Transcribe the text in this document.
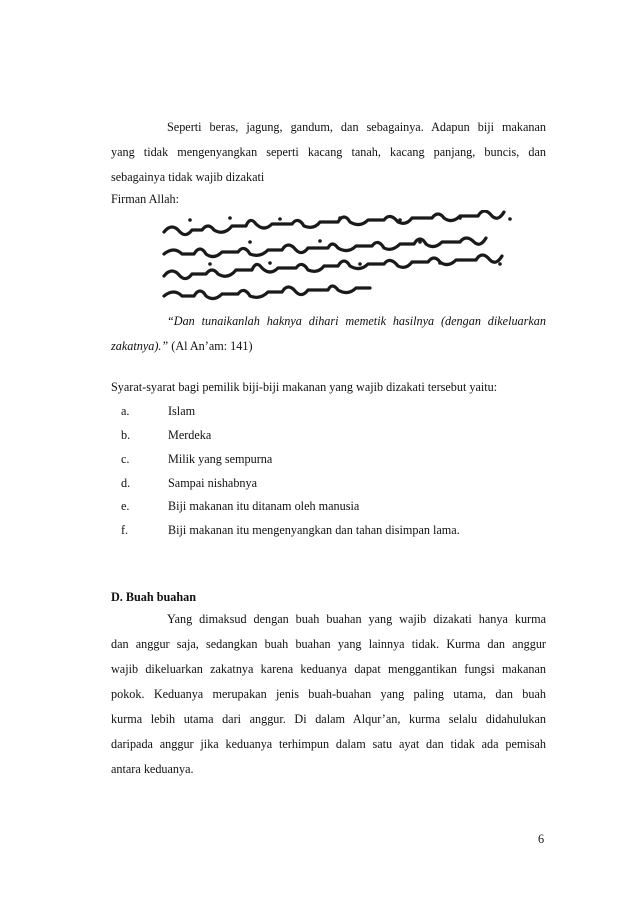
Seperti beras, jagung, gandum, dan sebagainya. Adapun biji makanan
yang tidak mengenyangkan seperti kacang tanah, kacang panjang, buncis, dan
sebagainya tidak wajib dizakati
Firman Allah:
“Dan tunaikanlah haknya dihari memetik hasilnya (dengan dikeluarkan
zakatnya).” (Al An’am: 141)
Syarat-syarat bagi pemilik biji-biji makanan yang wajib dizakati tersebut yaitu:
a.	Islam
b.	Merdeka
c.	Milik yang sempurna
d.	Sampai nishabnya
e.	Biji makanan itu ditanam oleh manusia
f.	Biji makanan itu mengenyangkan dan tahan disimpan lama.
D. Buah buahan
Yang dimaksud dengan buah buahan yang wajib dizakati hanya kurma
dan anggur saja, sedangkan buah buahan yang lainnya tidak. Kurma dan anggur
wajib dikeluarkan zakatnya karena keduanya dapat menggantikan fungsi makanan
pokok. Keduanya merupakan jenis buah-buahan yang paling utama, dan buah
kurma lebih utama dari anggur. Di dalam Alqur’an, kurma selalu didahulukan
daripada anggur jika keduanya terhimpun dalam satu ayat dan tidak ada pemisah
antara keduanya.
6
